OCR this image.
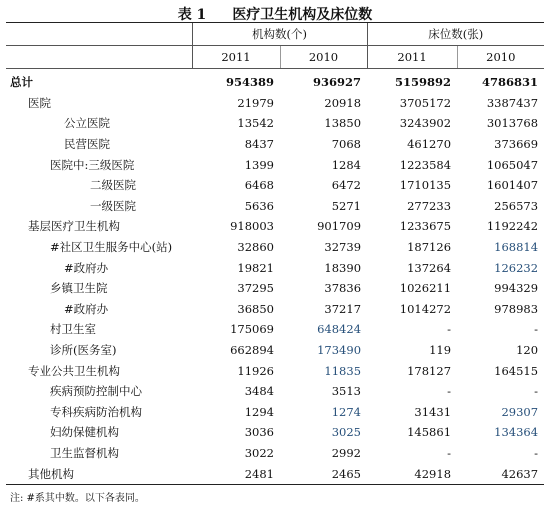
表 1 医疗卫生机构及床位数
	机构数(个)		床位数(张)	
	2011	2010	2011	2010
总计	954389	936927	5159892	4786831
医院	21979	20918	3705172	3387437
公立医院	13542	13850	3243902	3013768
民营医院	8437	7068	461270	373669
医院中:三级医院	1399	1284	1223584	1065047
二级医院	6468	6472	1710135	1601407
一级医院	5636	5271	277233	256573
基层医疗卫生机构	918003	901709	1233675	1192242
#社区卫生服务中心(站)	32860	32739	187126	168814
#政府办	19821	18390	137264	126232
乡镇卫生院	37295	37836	1026211	994329
#政府办	36850	37217	1014272	978983
村卫生室	175069	648424	-	-
诊所(医务室)	662894	173490	119	120
专业公共卫生机构	11926	11835	178127	164515
疾病预防控制中心	3484	3513	-	-
专科疾病防治机构	1294	1274	31431	29307
妇幼保健机构	3036	3025	145861	134364
卫生监督机构	3022	2992	-	-
其他机构	2481	2465	42918	42637
注: #系其中数。以下各表同。
